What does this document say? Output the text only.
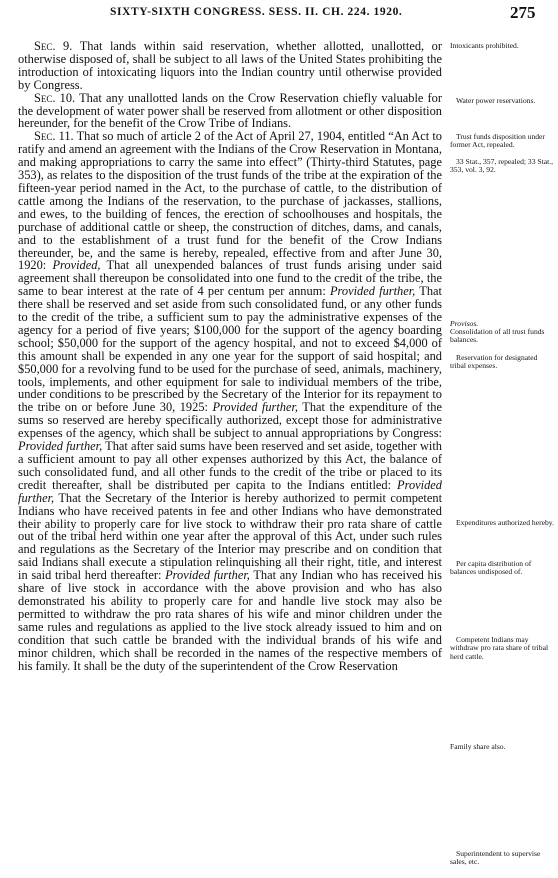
SIXTY-SIXTH CONGRESS. SESS. II. CH. 224. 1920.	275

Sec. 9. That lands within said reservation, whether allotted, unallotted, or otherwise disposed of, shall be subject to all laws of the United States prohibiting the introduction of intoxicating liquors into the Indian country until otherwise provided by Congress.

Sec. 10. That any unallotted lands on the Crow Reservation chiefly valuable for the development of water power shall be reserved from allotment or other disposition hereunder, for the benefit of the Crow Tribe of Indians.

Sec. 11. That so much of article 2 of the Act of April 27, 1904, entitled “An Act to ratify and amend an agreement with the Indians of the Crow Reservation in Montana, and making appropriations to carry the same into effect” (Thirty-third Statutes, page 353), as relates to the disposition of the trust funds of the tribe at the expiration of the fifteen-year period named in the Act, to the purchase of cattle, to the distribution of cattle among the Indians of the reservation, to the purchase of jackasses, stallions, and ewes, to the building of fences, the erection of schoolhouses and hospitals, the purchase of additional cattle or sheep, the construction of ditches, dams, and canals, and to the establishment of a trust fund for the benefit of the Crow Indians thereunder, be, and the same is hereby, repealed, effective from and after June 30, 1920: Provided, That all unexpended balances of trust funds arising under said agreement shall thereupon be consolidated into one fund to the credit of the tribe, the same to bear interest at the rate of 4 per centum per annum: Provided further, That there shall be reserved and set aside from such consolidated fund, or any other funds to the credit of the tribe, a sufficient sum to pay the administrative expenses of the agency for a period of five years; $100,000 for the support of the agency boarding school; $50,000 for the support of the agency hospital, and not to exceed $4,000 of this amount shall be expended in any one year for the support of said hospital; and $50,000 for a revolving fund to be used for the purchase of seed, animals, machinery, tools, implements, and other equipment for sale to individual members of the tribe, under conditions to be prescribed by the Secretary of the Interior for its repayment to the tribe on or before June 30, 1925: Provided further, That the expenditure of the sums so reserved are hereby specifically authorized, except those for administrative expenses of the agency, which shall be subject to annual appropriations by Congress: Provided further, That after said sums have been reserved and set aside, together with a sufficient amount to pay all other expenses authorized by this Act, the balance of such consolidated fund, and all other funds to the credit of the tribe or placed to its credit thereafter, shall be distributed per capita to the Indians entitled: Provided further, That the Secretary of the Interior is hereby authorized to permit competent Indians who have received patents in fee and other Indians who have demonstrated their ability to properly care for live stock to withdraw their pro rata share of cattle out of the tribal herd within one year after the approval of this Act, under such rules and regulations as the Secretary of the Interior may prescribe and on condition that said Indians shall execute a stipulation relinquishing all their right, title, and interest in said tribal herd thereafter: Provided further, That any Indian who has received his share of live stock in accordance with the above provision and who has also demonstrated his ability to properly care for and handle live stock may also be permitted to withdraw the pro rata shares of his wife and minor children under the same rules and regulations as applied to the live stock already issued to him and on condition that such cattle be branded with the individual brands of his wife and minor children, which shall be recorded in the names of the respective members of his family. It shall be the duty of the superintendent of the Crow Reservation

Intoxicants prohibited.
Water power reservations.
Trust funds disposition under former Act, repealed.
33 Stat., 357, repealed; 33 Stat., 353, vol. 3, 92.
Provisos.
Consolidation of all trust funds balances.
Reservation for designated tribal expenses.
Expenditures authorized hereby.
Per capita distribution of balances undisposed of.
Competent Indians may withdraw pro rata share of tribal herd cattle.
Family share also.
Superintendent to supervise sales, etc.
